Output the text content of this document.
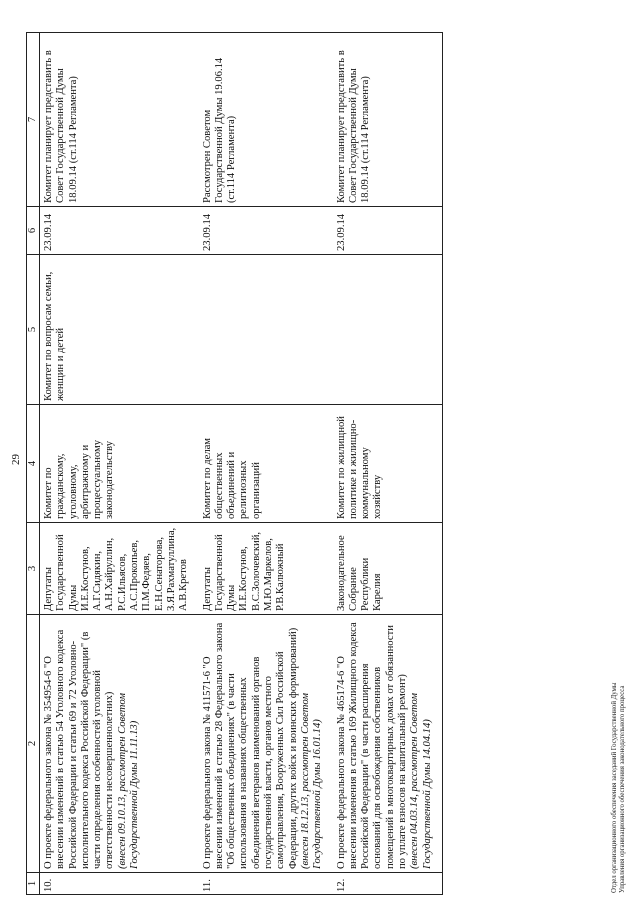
29
1	2	3	4	5	6	7
10.	О проекте федерального закона № 354954-6 "О внесении изменений в статью 54 Уголовного кодекса Российской Федерации и статьи 69 и 72 Уголовно-исполнительного кодекса Российской Федерации" (в части определения особенностей уголовной ответственности несовершеннолетних)
(внесен 09.10.13, рассмотрен Советом Государственной Думы 11.11.13)	Депутаты Государственной Думы И.Е.Костунов, А.Г.Сидякин, А.Н.Хайруллин, Р.С.Ильясов, А.С.Прокопьев, П.М.Федяев, Е.Н.Сенаторова, З.Я.Рахматуллина, А.В.Кретов	Комитет по гражданскому, уголовному, арбитражному и процессуальному законодательству	Комитет по вопросам семьи, женщин и детей	23.09.14	Комитет планирует представить в Совет Государственной Думы 18.09.14 (ст.114 Регламента)
11.	О проекте федерального закона № 411571-6 "О внесении изменений в статью 28 Федерального закона "Об общественных объединениях" (в части использования в названиях общественных объединений ветеранов наименований органов государственной власти, органов местного самоуправления, Вооруженных Сил Российской Федерации, других войск и воинских формирований)
(внесен 18.12.13, рассмотрен Советом Государственной Думы 16.01.14)	Депутаты Государственной Думы И.Е.Костунов, В.С.Золочевский, М.Ю.Маркелов, Р.В.Калюжный	Комитет по делам общественных объединений и религиозных организаций		23.09.14	Рассмотрен Советом Государственной Думы 19.06.14 (ст.114 Регламента)
12.	О проекте федерального закона № 465174-6 "О внесении изменения в статью 169 Жилищного кодекса Российской Федерации" (в части расширения оснований для освобождения собственников помещений в многоквартирных домах от обязанности по уплате взносов на капитальный ремонт)
(внесен 04.03.14, рассмотрен Советом Государственной Думы 14.04.14)	Законодательное Собрание Республики Карелия	Комитет по жилищной политике и жилищно-коммунальному хозяйству		23.09.14	Комитет планирует представить в Совет Государственной Думы 18.09.14 (ст.114 Регламента)
Отдел организационного обеспечения заседаний Государственной Думы Управления организационного обеспечения законодательного процесса
